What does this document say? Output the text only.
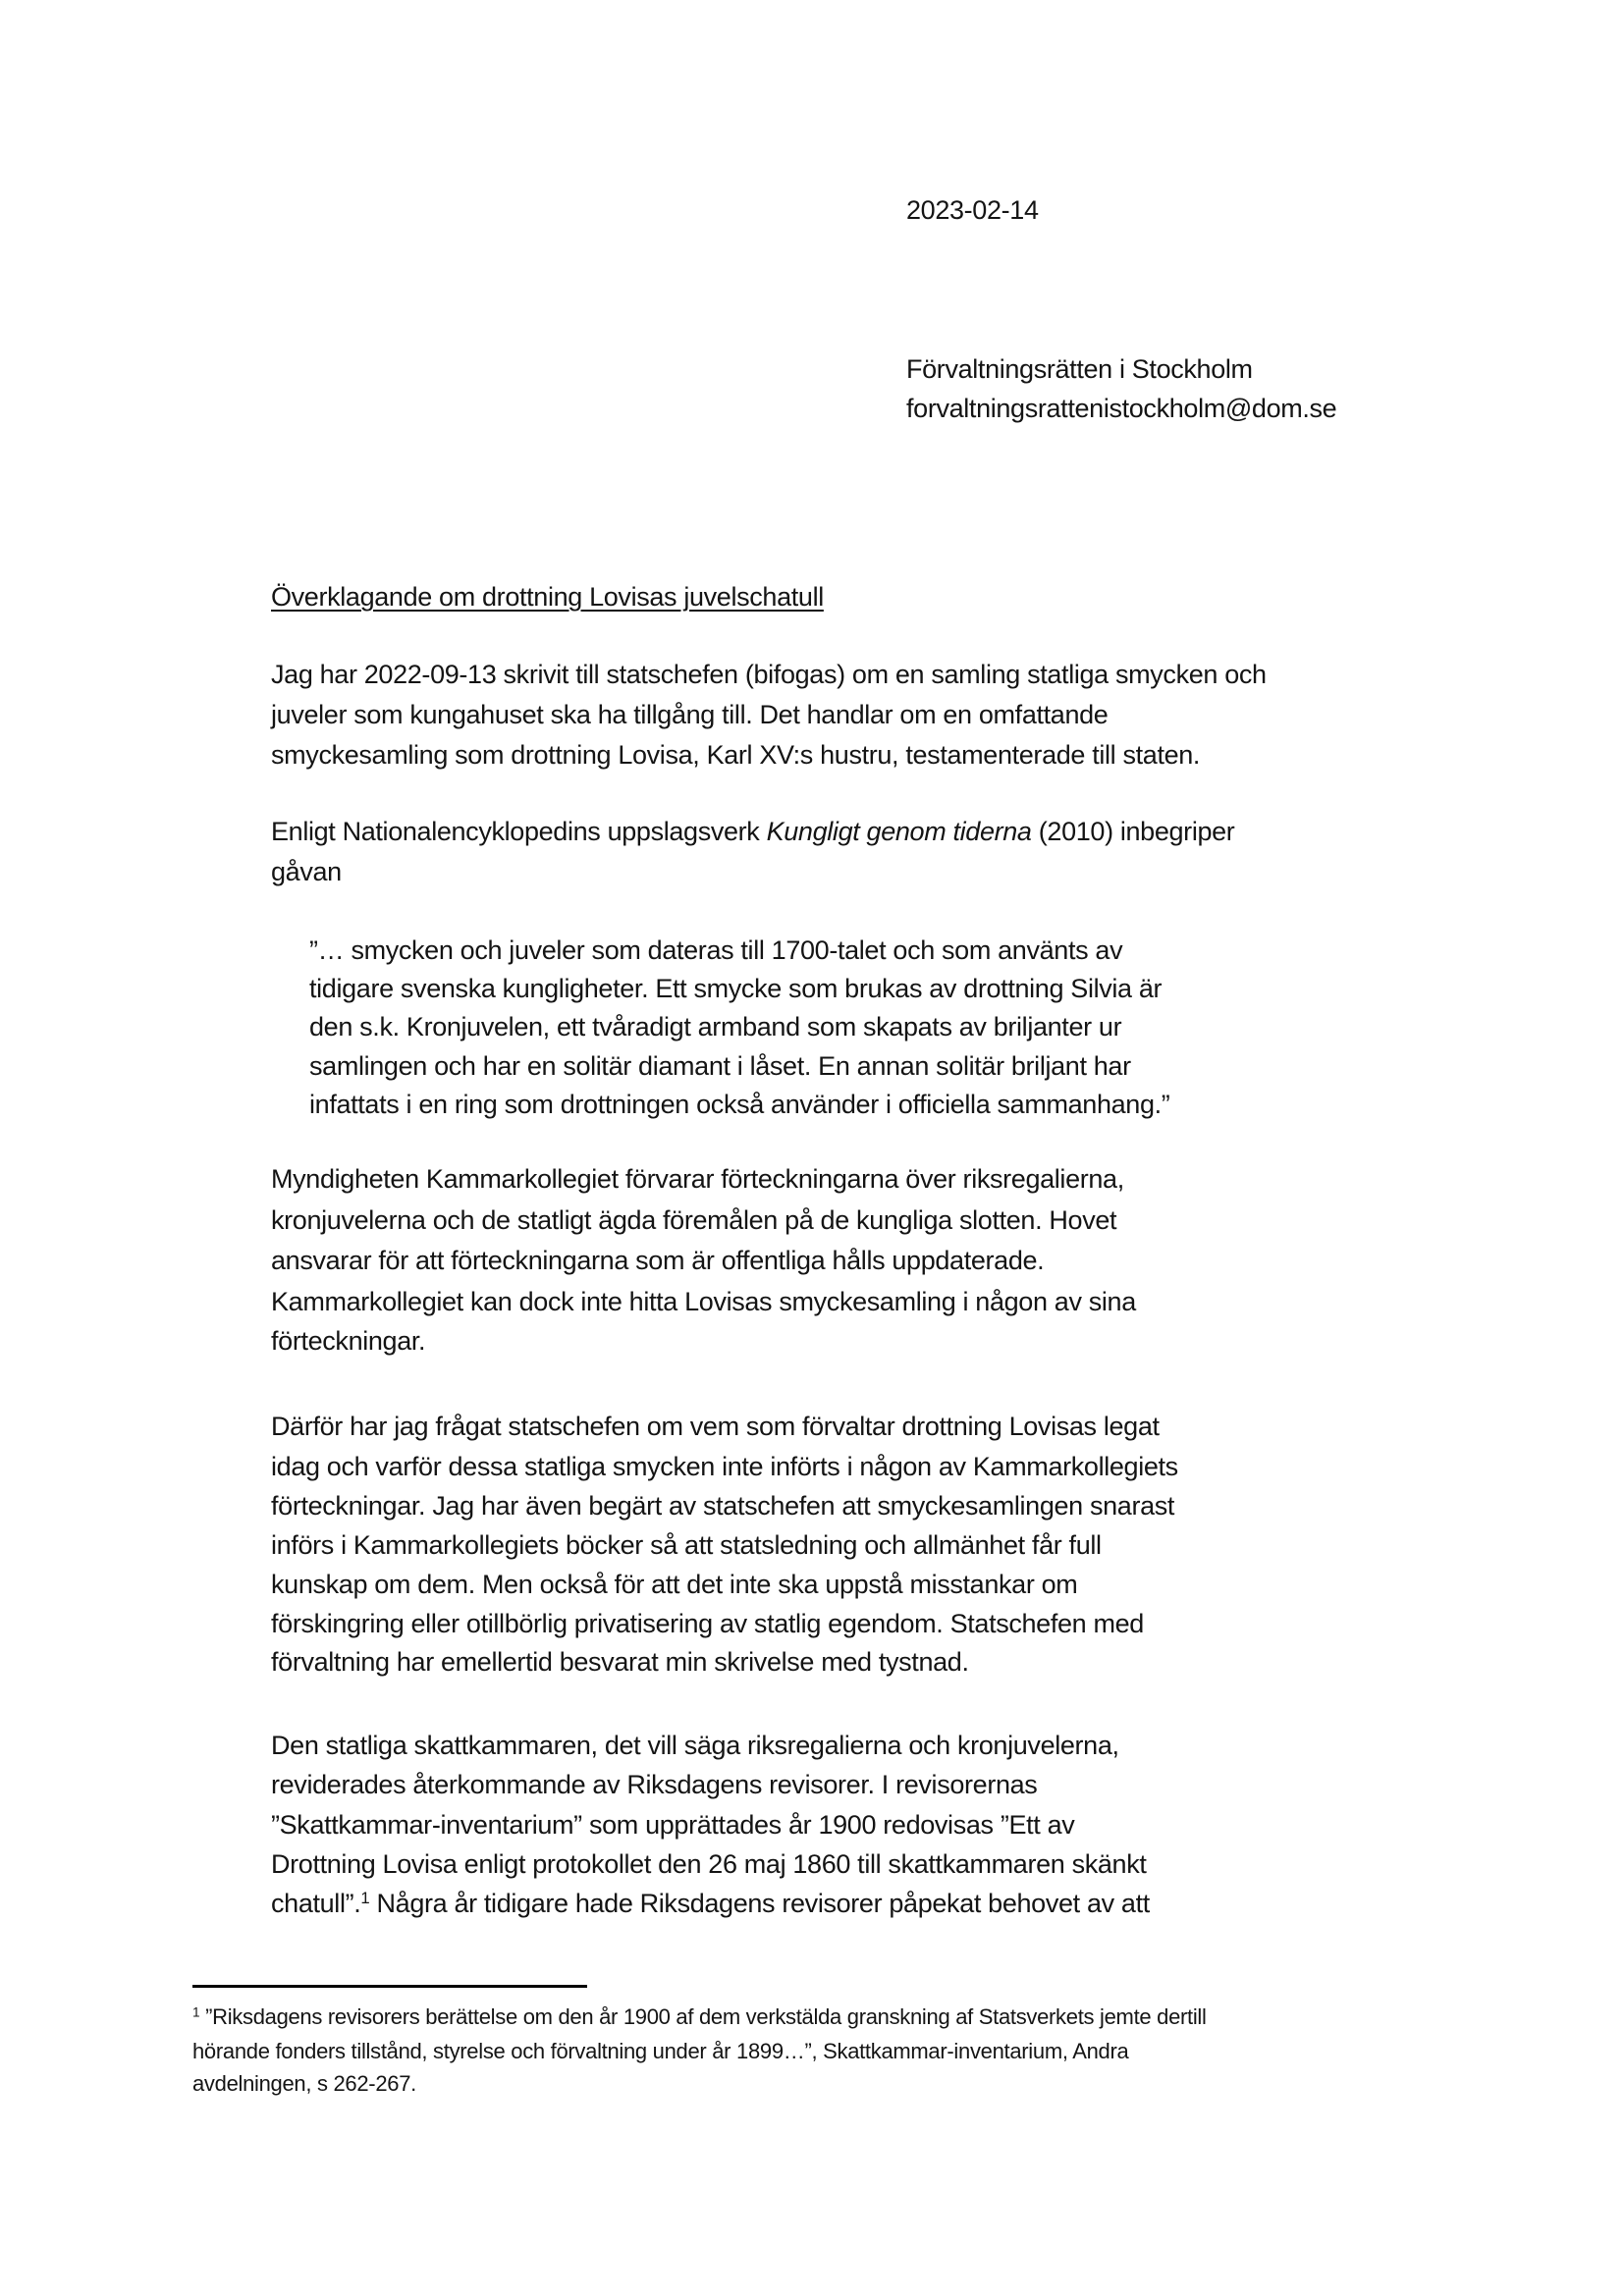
2023-02-14
Förvaltningsrätten i Stockholm
forvaltningsrattenistockholm@dom.se
Överklagande om drottning Lovisas juvelschatull
Jag har 2022-09-13 skrivit till statschefen (bifogas) om en samling statliga smycken och
juveler som kungahuset ska ha tillgång till. Det handlar om en omfattande
smyckesamling som drottning Lovisa, Karl XV:s hustru, testamenterade till staten.
Enligt Nationalencyklopedins uppslagsverk Kungligt genom tiderna (2010) inbegriper
gåvan
”… smycken och juveler som dateras till 1700-talet och som använts av
tidigare svenska kungligheter. Ett smycke som brukas av drottning Silvia är
den s.k. Kronjuvelen, ett tvåradigt armband som skapats av briljanter ur
samlingen och har en solitär diamant i låset. En annan solitär briljant har
infattats i en ring som drottningen också använder i officiella sammanhang.”
Myndigheten Kammarkollegiet förvarar förteckningarna över riksregalierna,
kronjuvelerna och de statligt ägda föremålen på de kungliga slotten. Hovet
ansvarar för att förteckningarna som är offentliga hålls uppdaterade.
Kammarkollegiet kan dock inte hitta Lovisas smyckesamling i någon av sina
förteckningar.
Därför har jag frågat statschefen om vem som förvaltar drottning Lovisas legat
idag och varför dessa statliga smycken inte införts i någon av Kammarkollegiets
förteckningar. Jag har även begärt av statschefen att smyckesamlingen snarast
införs i Kammarkollegiets böcker så att statsledning och allmänhet får full
kunskap om dem. Men också för att det inte ska uppstå misstankar om
förskingring eller otillbörlig privatisering av statlig egendom. Statschefen med
förvaltning har emellertid besvarat min skrivelse med tystnad.
Den statliga skattkammaren, det vill säga riksregalierna och kronjuvelerna,
reviderades återkommande av Riksdagens revisorer. I revisorernas
”Skattkammar-inventarium” som upprättades år 1900 redovisas ”Ett av
Drottning Lovisa enligt protokollet den 26 maj 1860 till skattkammaren skänkt
chatull”.$^1$ Några år tidigare hade Riksdagens revisorer påpekat behovet av att
$^1$ ”Riksdagens revisorers berättelse om den år 1900 af dem verkstälda granskning af Statsverkets jemte dertill
hörande fonders tillstånd, styrelse och förvaltning under år 1899…”, Skattkammar-inventarium, Andra
avdelningen, s 262-267.
